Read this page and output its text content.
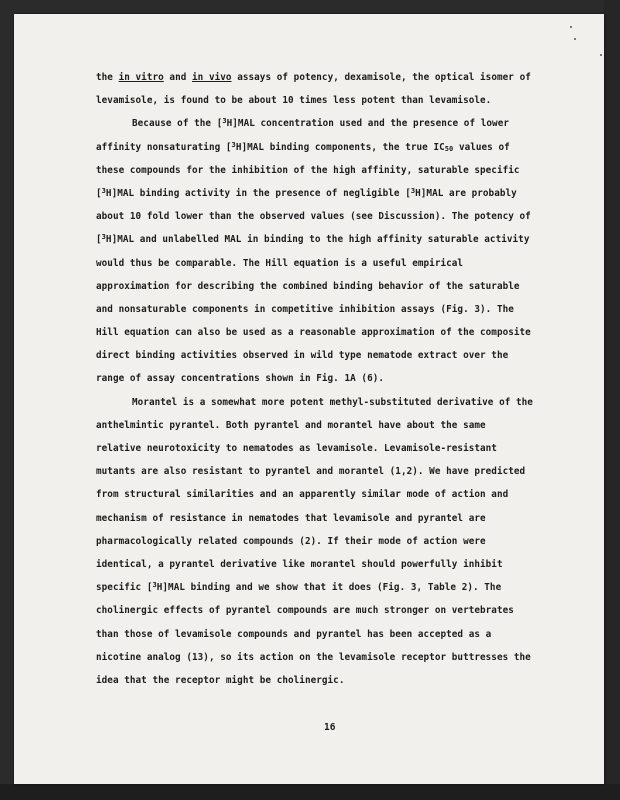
the in vitro and in vivo assays of potency, dexamisole, the optical isomer of
levamisole, is found to be about 10 times less potent than levamisole.
Because of the [$^3$H]MAL concentration used and the presence of lower
affinity nonsaturating [$^3$H]MAL binding components, the true $IC_{50}$ values of
these compounds for the inhibition of the high affinity, saturable specific
[$^3$H]MAL binding activity in the presence of negligible [$^3$H]MAL are probably
about 10 fold lower than the observed values (see Discussion). The potency of
[$^3$H]MAL and unlabelled MAL in binding to the high affinity saturable activity
would thus be comparable. The Hill equation is a useful empirical
approximation for describing the combined binding behavior of the saturable
and nonsaturable components in competitive inhibition assays (Fig. 3). The
Hill equation can also be used as a reasonable approximation of the composite
direct binding activities observed in wild type nematode extract over the
range of assay concentrations shown in Fig. 1A (6).
Morantel is a somewhat more potent methyl-substituted derivative of the
anthelmintic pyrantel. Both pyrantel and morantel have about the same
relative neurotoxicity to nematodes as levamisole. Levamisole-resistant
mutants are also resistant to pyrantel and morantel (1,2). We have predicted
from structural similarities and an apparently similar mode of action and
mechanism of resistance in nematodes that levamisole and pyrantel are
pharmacologically related compounds (2). If their mode of action were
identical, a pyrantel derivative like morantel should powerfully inhibit
specific [$^3$H]MAL binding and we show that it does (Fig. 3, Table 2). The
cholinergic effects of pyrantel compounds are much stronger on vertebrates
than those of levamisole compounds and pyrantel has been accepted as a
nicotine analog (13), so its action on the levamisole receptor buttresses the
idea that the receptor might be cholinergic.
16
